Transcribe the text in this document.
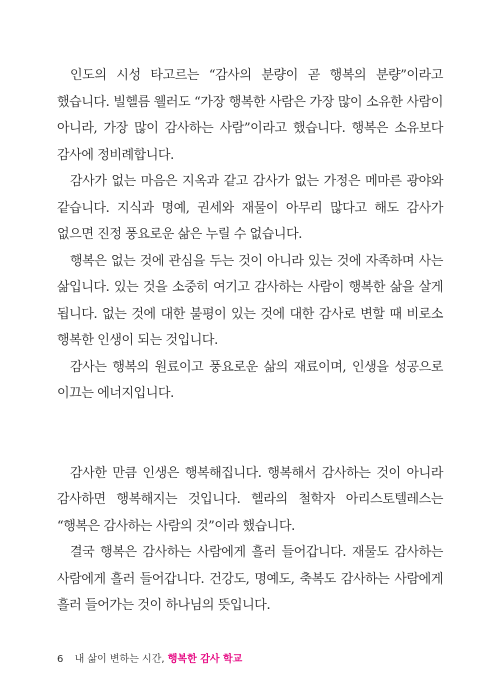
인도의 시성 타고르는 “감사의 분량이 곧 행복의 분량”이라고 했습니다. 빌헬름 웰러도 “가장 행복한 사람은 가장 많이 소유한 사람이 아니라, 가장 많이 감사하는 사람”이라고 했습니다. 행복은 소유보다 감사에 정비례합니다.

감사가 없는 마음은 지옥과 같고 감사가 없는 가정은 메마른 광야와 같습니다. 지식과 명예, 권세와 재물이 아무리 많다고 해도 감사가 없으면 진정 풍요로운 삶은 누릴 수 없습니다.

행복은 없는 것에 관심을 두는 것이 아니라 있는 것에 자족하며 사는 삶입니다. 있는 것을 소중히 여기고 감사하는 사람이 행복한 삶을 살게 됩니다. 없는 것에 대한 불평이 있는 것에 대한 감사로 변할 때 비로소 행복한 인생이 되는 것입니다.

감사는 행복의 원료이고 풍요로운 삶의 재료이며, 인생을 성공으로 이끄는 에너지입니다.

감사한 만큼 인생은 행복해집니다. 행복해서 감사하는 것이 아니라 감사하면 행복해지는 것입니다. 헬라의 철학자 아리스토텔레스는 “행복은 감사하는 사람의 것”이라 했습니다.

결국 행복은 감사하는 사람에게 흘러 들어갑니다. 재물도 감사하는 사람에게 흘러 들어갑니다. 건강도, 명예도, 축복도 감사하는 사람에게 흘러 들어가는 것이 하나님의 뜻입니다.

6 내 삶이 변하는 시간, 행복한 감사 학교
